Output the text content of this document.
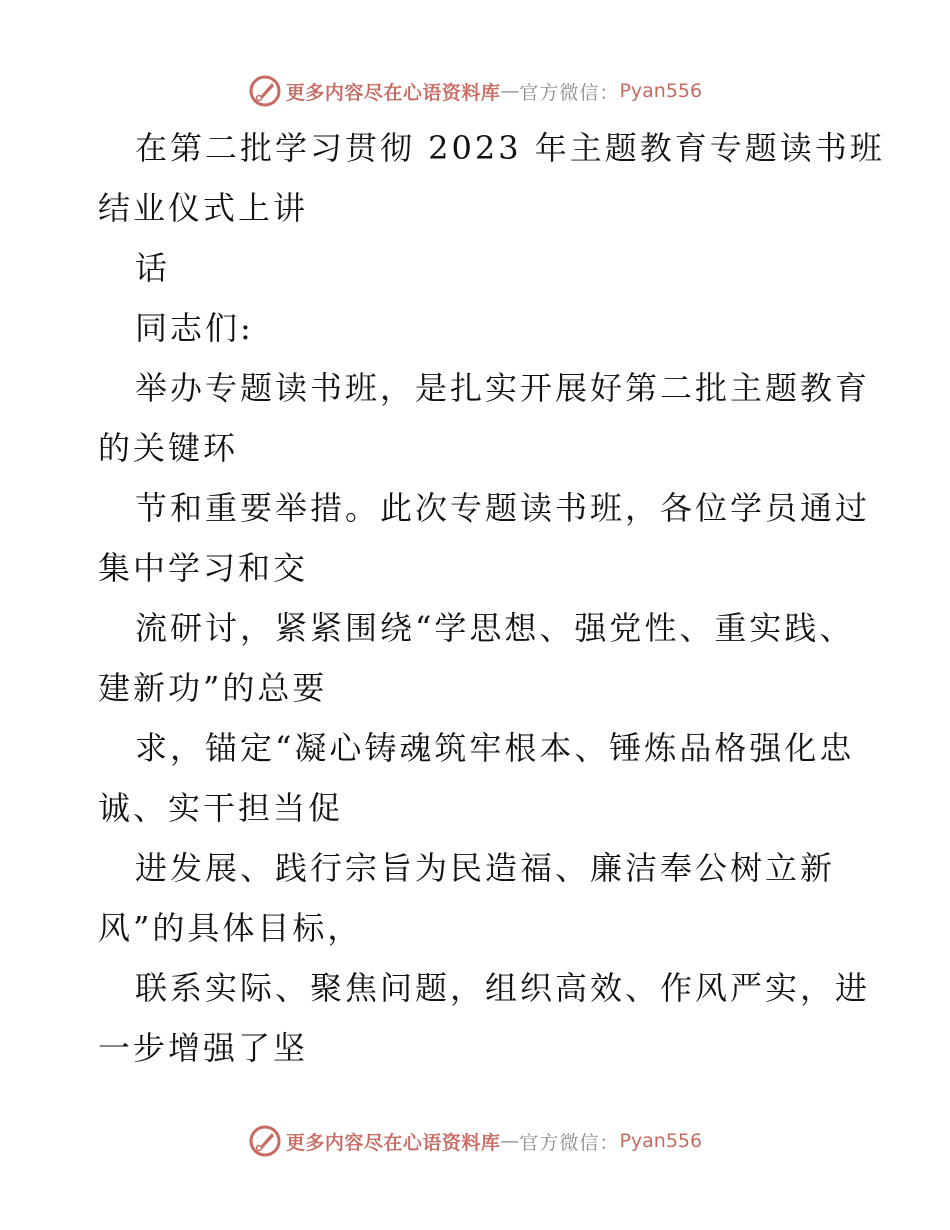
更多内容尽在心语资料库 — 官方微信： Pyan556
在第二批学习贯彻 2023 年主题教育专题读书班
结业仪式上讲
话
同志们:
举办专题读书班，是扎实开展好第二批主题教育
的关键环
节和重要举措。此次专题读书班，各位学员通过
集中学习和交
流研讨，紧紧围绕“学思想、强党性、重实践、
建新功”的总要
求，锚定“凝心铸魂筑牢根本、锤炼品格强化忠
诚、实干担当促
进发展、践行宗旨为民造福、廉洁奉公树立新
风”的具体目标，
联系实际、聚焦问题，组织高效、作风严实，进
一步增强了坚
更多内容尽在心语资料库 — 官方微信： Pyan556
